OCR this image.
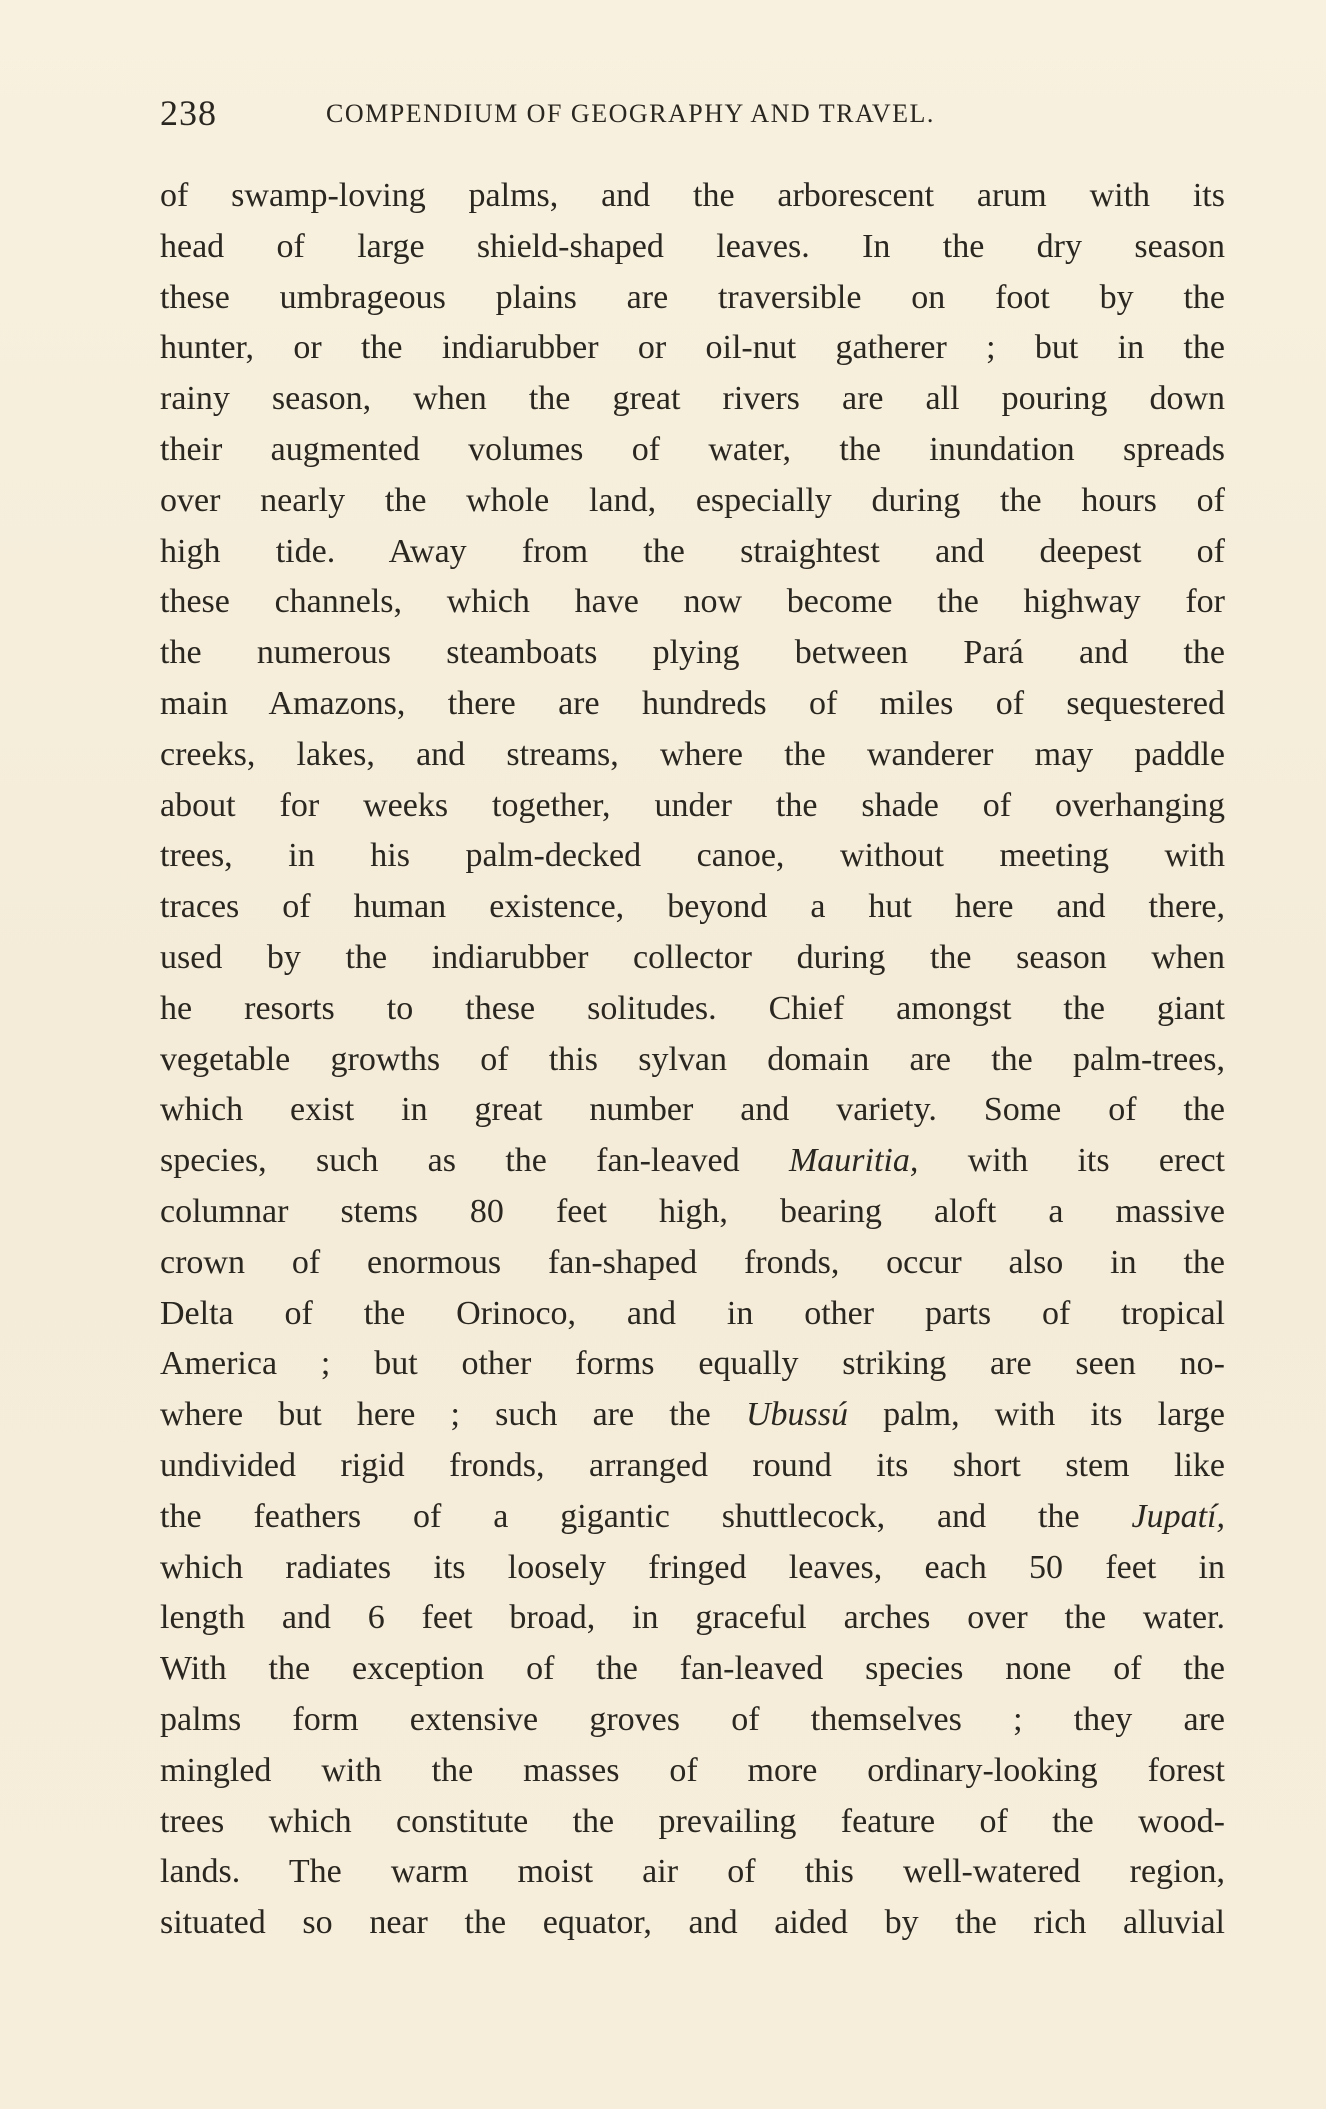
238	COMPENDIUM OF GEOGRAPHY AND TRAVEL.
of swamp-loving palms, and the arborescent arum with its
head of large shield-shaped leaves. In the dry season
these umbrageous plains are traversible on foot by the
hunter, or the indiarubber or oil-nut gatherer ; but in the
rainy season, when the great rivers are all pouring down
their augmented volumes of water, the inundation spreads
over nearly the whole land, especially during the hours of
high tide. Away from the straightest and deepest of
these channels, which have now become the highway for
the numerous steamboats plying between Pará and the
main Amazons, there are hundreds of miles of sequestered
creeks, lakes, and streams, where the wanderer may paddle
about for weeks together, under the shade of overhanging
trees, in his palm-decked canoe, without meeting with
traces of human existence, beyond a hut here and there,
used by the indiarubber collector during the season when
he resorts to these solitudes. Chief amongst the giant
vegetable growths of this sylvan domain are the palm-trees,
which exist in great number and variety. Some of the
species, such as the fan-leaved Mauritia, with its erect
columnar stems 80 feet high, bearing aloft a massive
crown of enormous fan-shaped fronds, occur also in the
Delta of the Orinoco, and in other parts of tropical
America ; but other forms equally striking are seen no-
where but here ; such are the Ubussú palm, with its large
undivided rigid fronds, arranged round its short stem like
the feathers of a gigantic shuttlecock, and the Jupatí,
which radiates its loosely fringed leaves, each 50 feet in
length and 6 feet broad, in graceful arches over the water.
With the exception of the fan-leaved species none of the
palms form extensive groves of themselves ; they are
mingled with the masses of more ordinary-looking forest
trees which constitute the prevailing feature of the wood-
lands. The warm moist air of this well-watered region,
situated so near the equator, and aided by the rich alluvial
